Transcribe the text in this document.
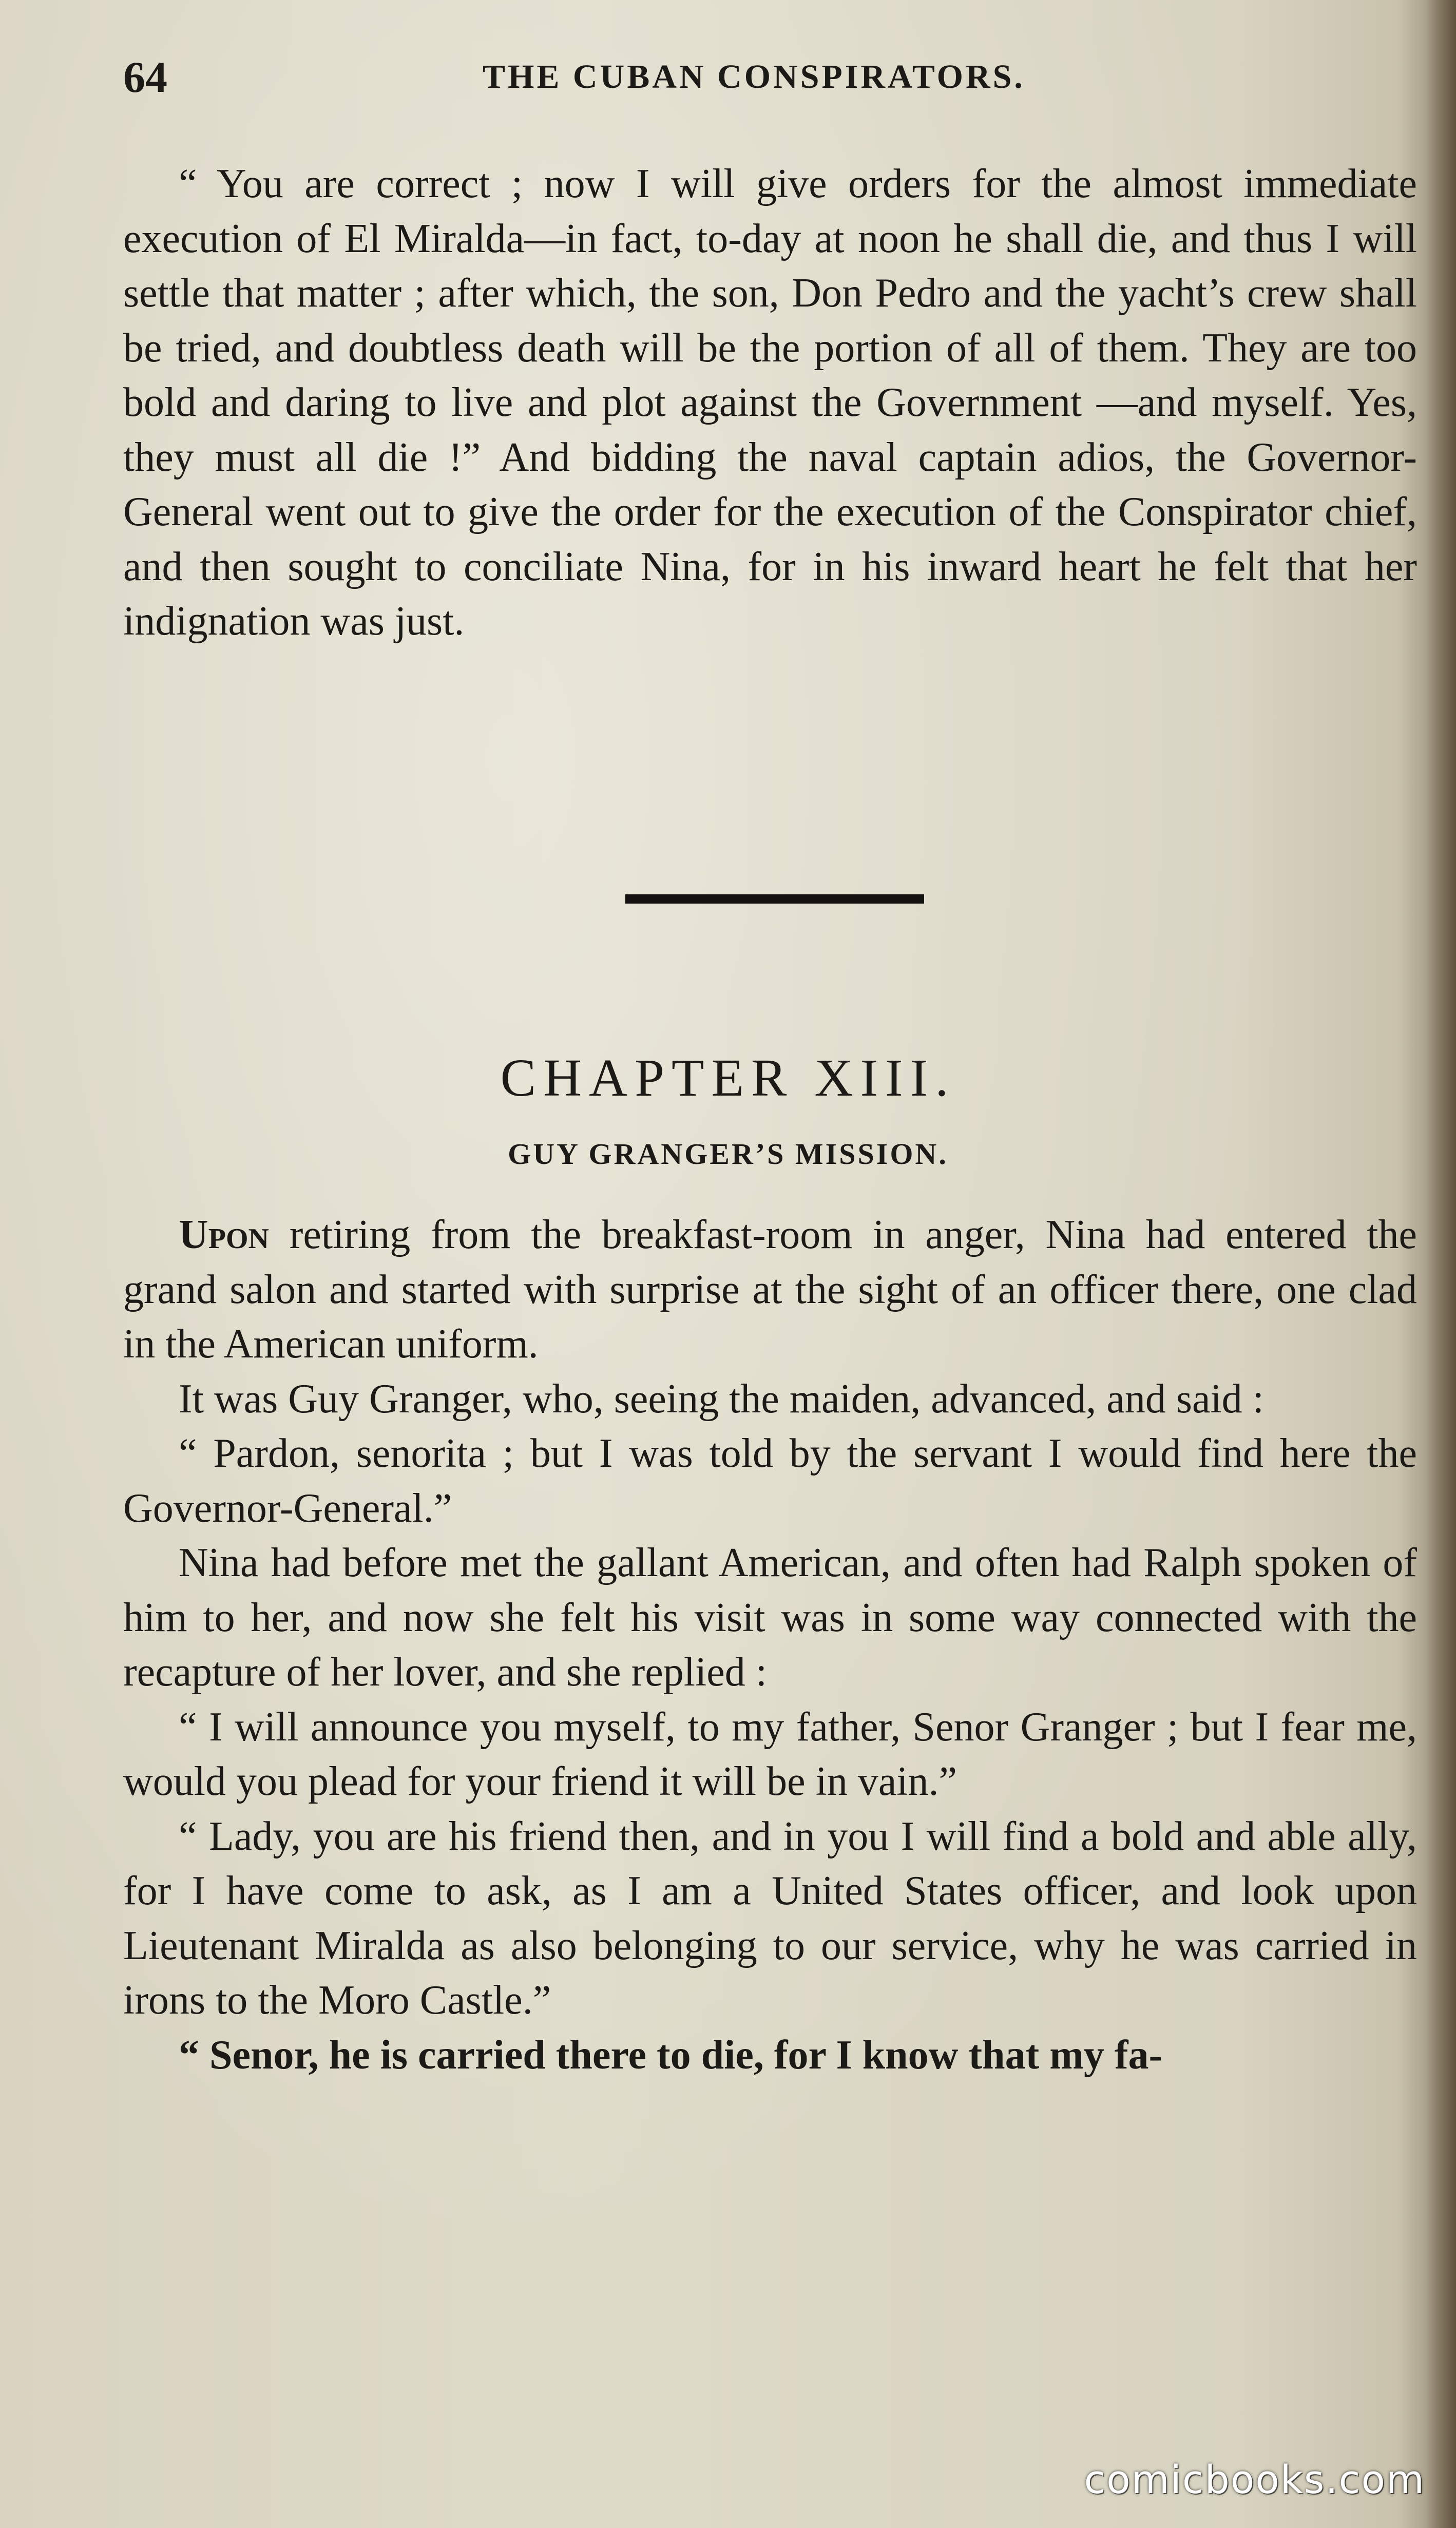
64	THE CUBAN CONSPIRATORS.

“ You are correct ; now I will give orders for the almost immediate execution of El Miralda—in fact, to-day at noon he shall die, and thus I will settle that matter ; after which, the son, Don Pedro and the yacht’s crew shall be tried, and doubtless death will be the portion of all of them. They are too bold and daring to live and plot against the Government —and myself. Yes, they must all die !” And bidding the naval captain adios, the Governor-General went out to give the order for the execution of the Conspirator chief, and then sought to conciliate Nina, for in his inward heart he felt that her indignation was just.

CHAPTER XIII.
GUY GRANGER’S MISSION.

Upon retiring from the breakfast-room in anger, Nina had entered the grand salon and started with surprise at the sight of an officer there, one clad in the American uniform.

It was Guy Granger, who, seeing the maiden, advanced, and said :

“ Pardon, senorita ; but I was told by the servant I would find here the Governor-General.”

Nina had before met the gallant American, and often had Ralph spoken of him to her, and now she felt his visit was in some way connected with the recapture of her lover, and she replied :

“ I will announce you myself, to my father, Senor Granger ; but I fear me, would you plead for your friend it will be in vain.”

“ Lady, you are his friend then, and in you I will find a bold and able ally, for I have come to ask, as I am a United States officer, and look upon Lieutenant Miralda as also belonging to our service, why he was carried in irons to the Moro Castle.”

“ Senor, he is carried there to die, for I know that my fa-

comicbooks.com
